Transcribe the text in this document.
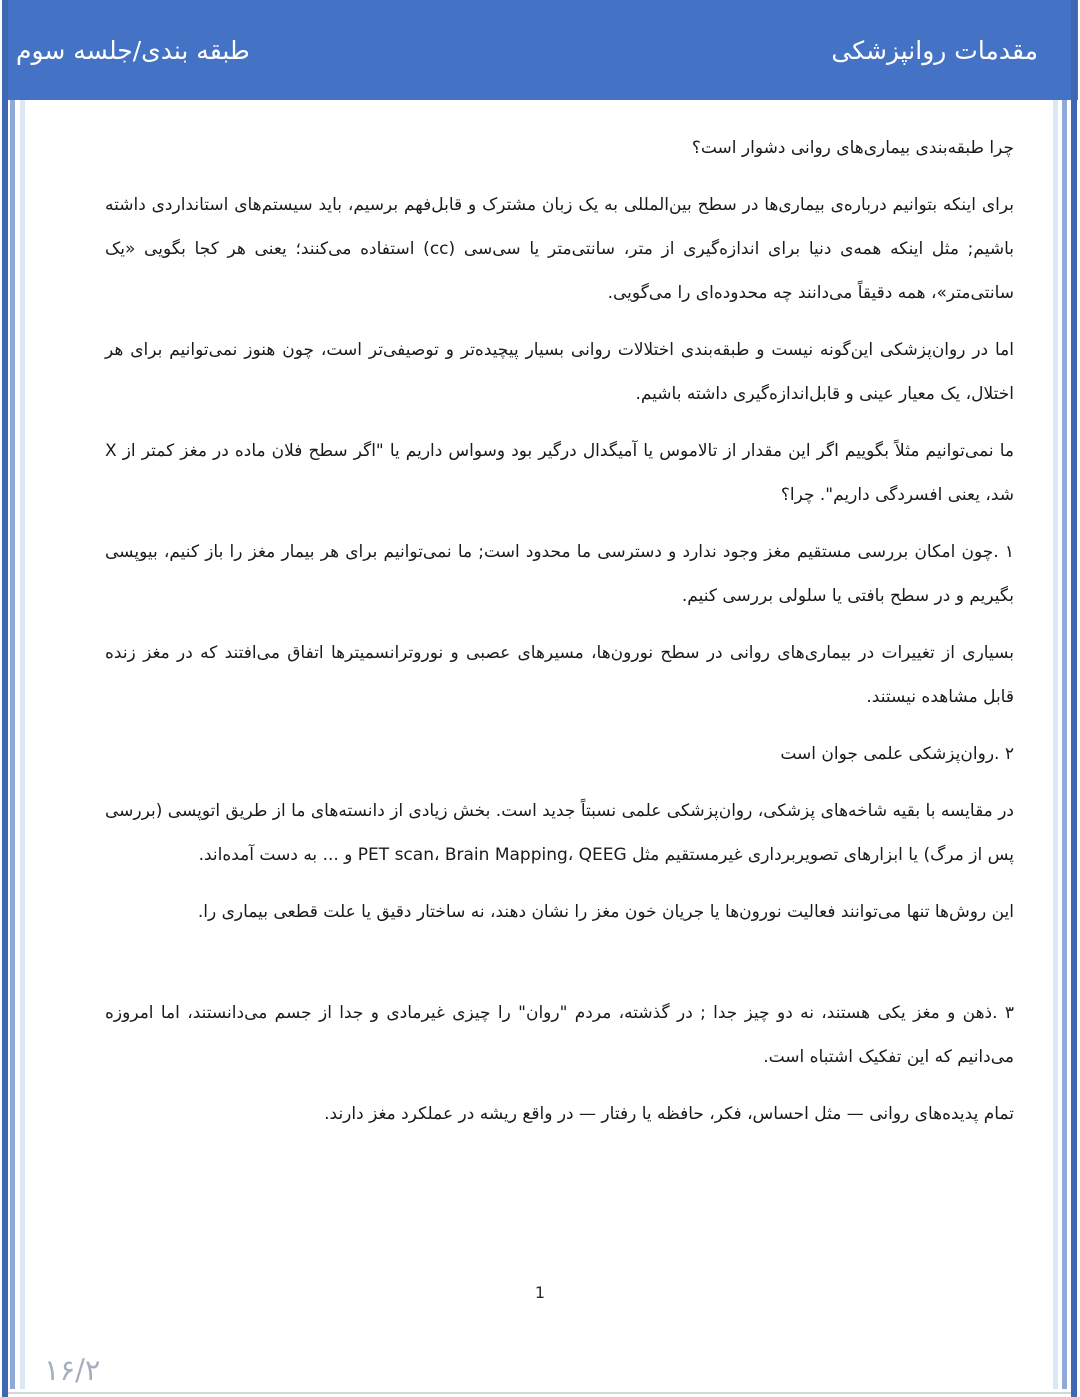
مقدمات روانپزشکی
طبقه بندی/جلسه سوم

چرا طبقه‌بندی بیماری‌های روانی دشوار است؟

برای اینکه بتوانیم درباره‌ی بیماری‌ها در سطح بین‌المللی به یک زبان مشترک و قابل‌فهم برسیم، باید سیستم‌های استانداردی داشته باشیم; مثل اینکه همه‌ی دنیا برای اندازه‌گیری از متر، سانتی‌متر یا سی‌سی (cc) استفاده می‌کنند؛ یعنی هر کجا بگویی «یک سانتی‌متر»، همه دقیقاً می‌دانند چه محدوده‌ای را می‌گویی.

اما در روان‌پزشکی این‌گونه نیست و طبقه‌بندی اختلالات روانی بسیار پیچیده‌تر و توصیفی‌تر است، چون هنوز نمی‌توانیم برای هر اختلال، یک معیار عینی و قابل‌اندازه‌گیری داشته باشیم.

ما نمی‌توانیم مثلاً بگوییم اگر این مقدار از تالاموس یا آمیگدال درگیر بود وسواس داریم یا "اگر سطح فلان ماده در مغز کمتر از X شد، یعنی افسردگی داریم". چرا؟

۱ .چون امکان بررسی مستقیم مغز وجود ندارد و دسترسی ما محدود است; ما نمی‌توانیم برای هر بیمار مغز را باز کنیم، بیوپسی بگیریم و در سطح بافتی یا سلولی بررسی کنیم.

بسیاری از تغییرات در بیماری‌های روانی در سطح نورون‌ها، مسیرهای عصبی و نوروترانسمیترها اتفاق می‌افتند که در مغز زنده قابل مشاهده نیستند.

۲ .روان‌پزشکی علمی جوان است

در مقایسه با بقیه شاخه‌های پزشکی، روان‌پزشکی علمی نسبتاً جدید است. بخش زیادی از دانسته‌های ما از طریق اتوپسی (بررسی پس از مرگ) یا ابزارهای تصویربرداری غیرمستقیم مثل PET scan، Brain Mapping، QEEG و ... به دست آمده‌اند.

این روش‌ها تنها می‌توانند فعالیت نورون‌ها یا جریان خون مغز را نشان دهند، نه ساختار دقیق یا علت قطعی بیماری را.

۳ .ذهن و مغز یکی هستند، نه دو چیز جدا ; در گذشته، مردم "روان" را چیزی غیرمادی و جدا از جسم می‌دانستند، اما امروزه می‌دانیم که این تفکیک اشتباه است.

تمام پدیده‌های روانی — مثل احساس، فکر، حافظه یا رفتار — در واقع ریشه در عملکرد مغز دارند.

1
۱۶/۲
